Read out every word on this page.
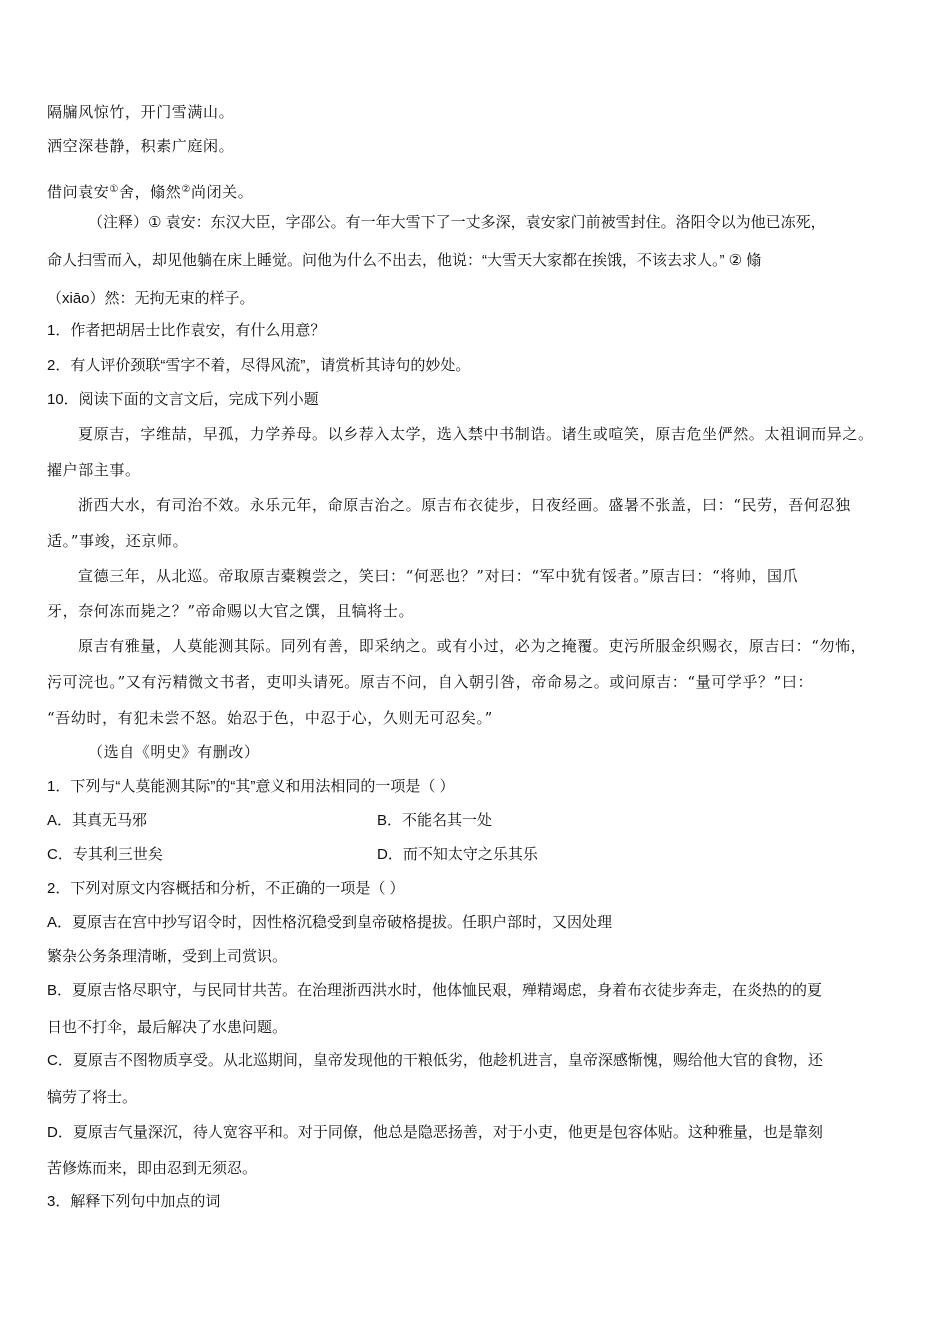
隔牖风惊竹，开门雪满山。
洒空深巷静，积素广庭闲。
借问袁安①舍，翛然②尚闭关。
（注释）① 袁安：东汉大臣，字邵公。有一年大雪下了一丈多深，袁安家门前被雪封住。洛阳令以为他已冻死，
命人扫雪而入，却见他躺在床上睡觉。问他为什么不出去，他说：“大雪天大家都在挨饿，不该去求人。” ② 翛
（xiāo）然：无拘无束的样子。
1．作者把胡居士比作袁安，有什么用意？
2．有人评价颈联“雪字不着，尽得风流”，请赏析其诗句的妙处。
10．阅读下面的文言文后，完成下列小题
夏原吉，字维喆，早孤，力学养母。以乡荐入太学，选入禁中书制诰。诸生或喧笑，原吉危坐俨然。太祖诇而异之。
擢户部主事。
浙西大水，有司治不效。永乐元年，命原吉治之。原吉布衣徒步，日夜经画。盛暑不张盖，曰：“民劳，吾何忍独
适。”事竣，还京师。
宣德三年，从北巡。帝取原吉橐糗尝之，笑曰：“何恶也？”对曰：“军中犹有馁者。”原吉曰：“将帅，国爪
牙，奈何冻而毙之？”帝命赐以大官之馔，且犒将士。
原吉有雅量，人莫能测其际。同列有善，即采纳之。或有小过，必为之掩覆。吏污所服金织赐衣，原吉曰：“勿怖，
污可浣也。”又有污精微文书者，吏叩头请死。原吉不问，自入朝引咎，帝命易之。或问原吉：“量可学乎？”曰：
“吾幼时，有犯未尝不怒。始忍于色，中忍于心，久则无可忍矣。”
（选自《明史》有删改）
1．下列与“人莫能测其际”的“其”意义和用法相同的一项是（ ）
A．其真无马邪	B．不能名其一处
C．专其利三世矣	D．而不知太守之乐其乐
2．下列对原文内容概括和分析，不正确的一项是（ ）
A．夏原吉在宫中抄写诏令时，因性格沉稳受到皇帝破格提拔。任职户部时，又因处理
繁杂公务条理清晰，受到上司赏识。
B．夏原吉恪尽职守，与民同甘共苦。在治理浙西洪水时，他体恤民艰，殚精竭虑，身着布衣徒步奔走，在炎热的的夏
日也不打伞，最后解决了水患问题。
C．夏原吉不图物质享受。从北巡期间，皇帝发现他的干粮低劣，他趁机进言，皇帝深感惭愧，赐给他大官的食物，还
犒劳了将士。
D．夏原吉气量深沉，待人宽容平和。对于同僚，他总是隐恶扬善，对于小吏，他更是包容体贴。这种雅量，也是靠刻
苦修炼而来，即由忍到无须忍。
3．解释下列句中加点的词
